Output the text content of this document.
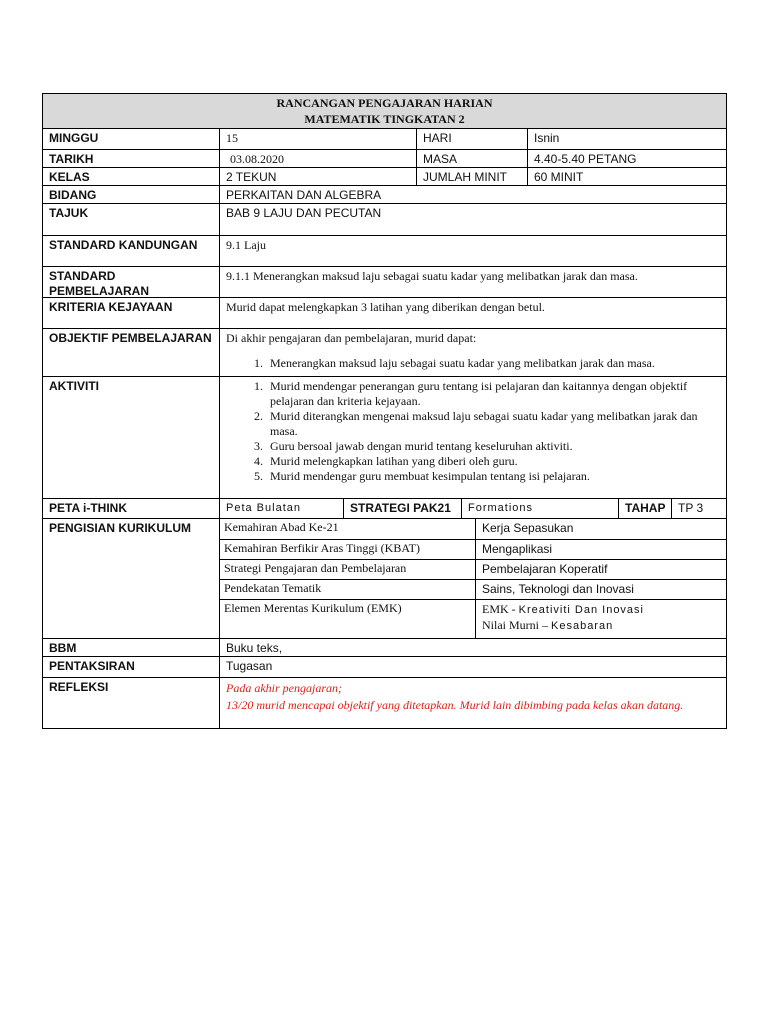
RANCANGAN PENGAJARAN HARIAN
MATEMATIK TINGKATAN 2
MINGGU	15	HARI	Isnin
TARIKH	03.08.2020	MASA	4.40-5.40 PETANG
KELAS	2 TEKUN	JUMLAH MINIT	60 MINIT
BIDANG	PERKAITAN DAN ALGEBRA
TAJUK	BAB 9 LAJU DAN PECUTAN
STANDARD KANDUNGAN	9.1 Laju
STANDARD PEMBELAJARAN
9.1.1 Menerangkan maksud laju sebagai suatu kadar yang melibatkan jarak dan masa.
KRITERIA KEJAYAAN	Murid dapat melengkapkan 3 latihan yang diberikan dengan betul.
OBJEKTIF PEMBELAJARAN	Di akhir pengajaran dan pembelajaran, murid dapat:
1. Menerangkan maksud laju sebagai suatu kadar yang melibatkan jarak dan masa.
AKTIVITI
1.	Murid mendengar penerangan guru tentang isi pelajaran dan kaitannya dengan objektif pelajaran dan kriteria kejayaan.
2. Murid diterangkan mengenai maksud laju sebagai suatu kadar yang melibatkan jarak dan masa.
3. Guru bersoal jawab dengan murid tentang keseluruhan aktiviti.
4. Murid melengkapkan latihan yang diberi oleh guru.
5. Murid mendengar guru membuat kesimpulan tentang isi pelajaran.
PETA i-THINK	Peta Bulatan	STRATEGI PAK21	Formations	TAHAP	TP 3
PENGISIAN KURIKULUM	Kemahiran Abad Ke-21	Kerja Sepasukan
Kemahiran Berfikir Aras Tinggi (KBAT)	Mengaplikasi
Strategi Pengajaran dan Pembelajaran	Pembelajaran Koperatif
Pendekatan Tematik	Sains, Teknologi dan Inovasi
Elemen Merentas Kurikulum (EMK)	EMK - Kreativiti Dan Inovasi
Nilai Murni – Kesabaran
BBM	Buku teks,
PENTAKSIRAN	Tugasan
REFLEKSI	Pada akhir pengajaran;
13/20 murid mencapai objektif yang ditetapkan. Murid lain dibimbing pada kelas akan datang.
